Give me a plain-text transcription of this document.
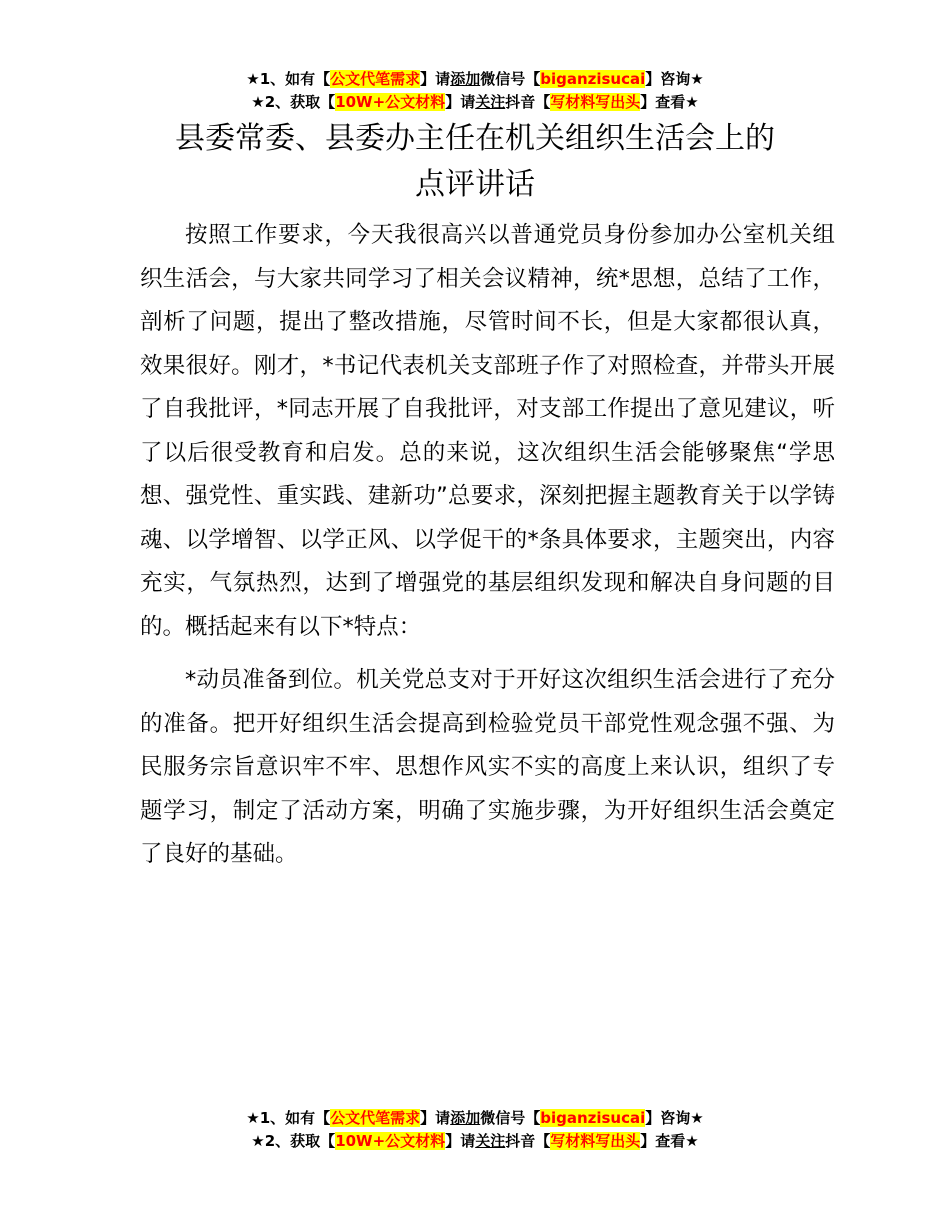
★1、如有【公文代笔需求】请添加微信号【biganzisucai】咨询★
★2、获取【10W+公文材料】请关注抖音【写材料写出头】查看★
县委常委、县委办主任在机关组织生活会上的
点评讲话

按照工作要求，今天我很高兴以普通党员身份参加办公室机关组织生活会，与大家共同学习了相关会议精神，统*思想，总结了工作，剖析了问题，提出了整改措施，尽管时间不长，但是大家都很认真，效果很好。刚才，*书记代表机关支部班子作了对照检查，并带头开展了自我批评，*同志开展了自我批评，对支部工作提出了意见建议，听了以后很受教育和启发。总的来说，这次组织生活会能够聚焦“学思想、强党性、重实践、建新功”总要求，深刻把握主题教育关于以学铸魂、以学增智、以学正风、以学促干的*条具体要求，主题突出，内容充实，气氛热烈，达到了增强党的基层组织发现和解决自身问题的目的。概括起来有以下*特点：

*动员准备到位。机关党总支对于开好这次组织生活会进行了充分的准备。把开好组织生活会提高到检验党员干部党性观念强不强、为民服务宗旨意识牢不牢、思想作风实不实的高度上来认识，组织了专题学习，制定了活动方案，明确了实施步骤，为开好组织生活会奠定了良好的基础。

★1、如有【公文代笔需求】请添加微信号【biganzisucai】咨询★
★2、获取【10W+公文材料】请关注抖音【写材料写出头】查看★
